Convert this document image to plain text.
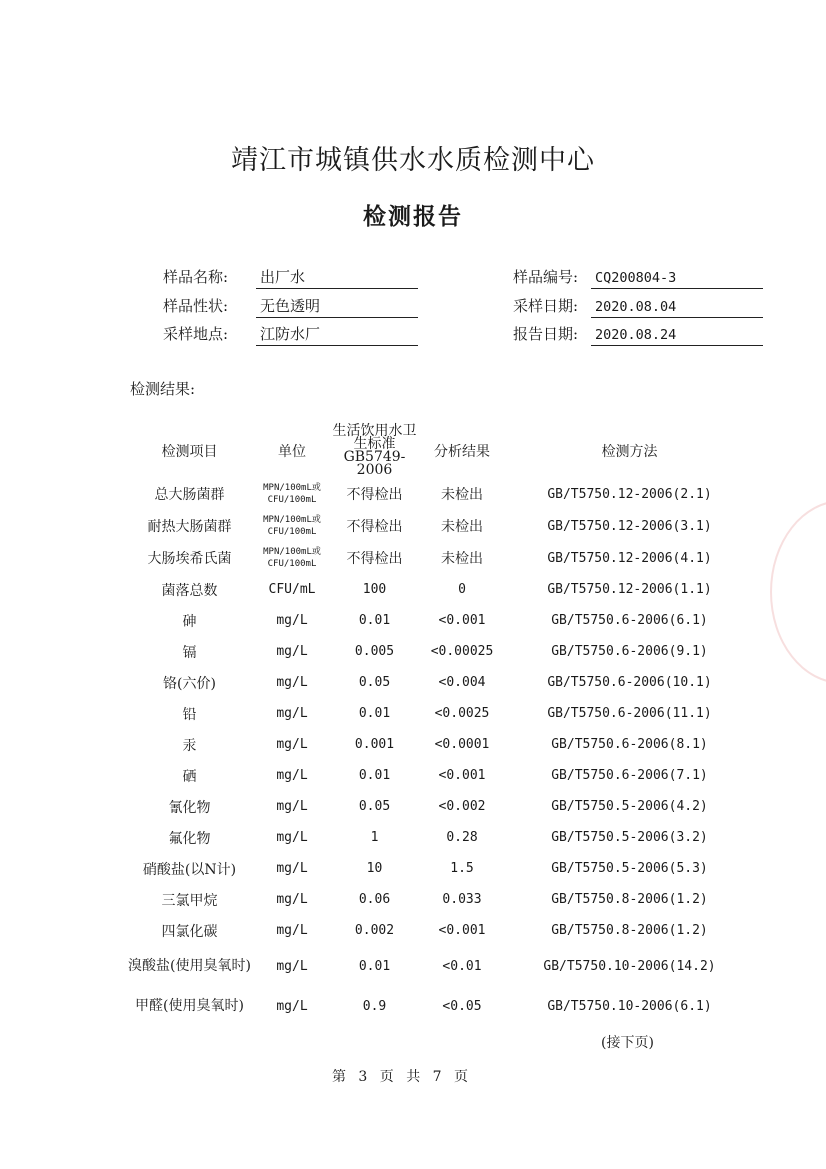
靖江市城镇供水水质检测中心
检测报告
样品名称: 出厂水	样品编号: CQ200804-3
样品性状: 无色透明	采样日期: 2020.08.04
采样地点: 江防水厂	报告日期: 2020.08.24
检测结果:
检测项目	单位	生活饮用水卫生标准GB5749-2006	分析结果	检测方法
总大肠菌群	MPN/100mL或CFU/100mL	不得检出	未检出	GB/T5750.12-2006(2.1)
耐热大肠菌群	MPN/100mL或CFU/100mL	不得检出	未检出	GB/T5750.12-2006(3.1)
大肠埃希氏菌	MPN/100mL或CFU/100mL	不得检出	未检出	GB/T5750.12-2006(4.1)
菌落总数	CFU/mL	100	0	GB/T5750.12-2006(1.1)
砷	mg/L	0.01	<0.001	GB/T5750.6-2006(6.1)
镉	mg/L	0.005	<0.00025	GB/T5750.6-2006(9.1)
铬(六价)	mg/L	0.05	<0.004	GB/T5750.6-2006(10.1)
铅	mg/L	0.01	<0.0025	GB/T5750.6-2006(11.1)
汞	mg/L	0.001	<0.0001	GB/T5750.6-2006(8.1)
硒	mg/L	0.01	<0.001	GB/T5750.6-2006(7.1)
氰化物	mg/L	0.05	<0.002	GB/T5750.5-2006(4.2)
氟化物	mg/L	1	0.28	GB/T5750.5-2006(3.2)
硝酸盐(以N计)	mg/L	10	1.5	GB/T5750.5-2006(5.3)
三氯甲烷	mg/L	0.06	0.033	GB/T5750.8-2006(1.2)
四氯化碳	mg/L	0.002	<0.001	GB/T5750.8-2006(1.2)
溴酸盐(使用臭氧时)	mg/L	0.01	<0.01	GB/T5750.10-2006(14.2)
甲醛(使用臭氧时)	mg/L	0.9	<0.05	GB/T5750.10-2006(6.1)
(接下页)
第 3 页 共 7 页
